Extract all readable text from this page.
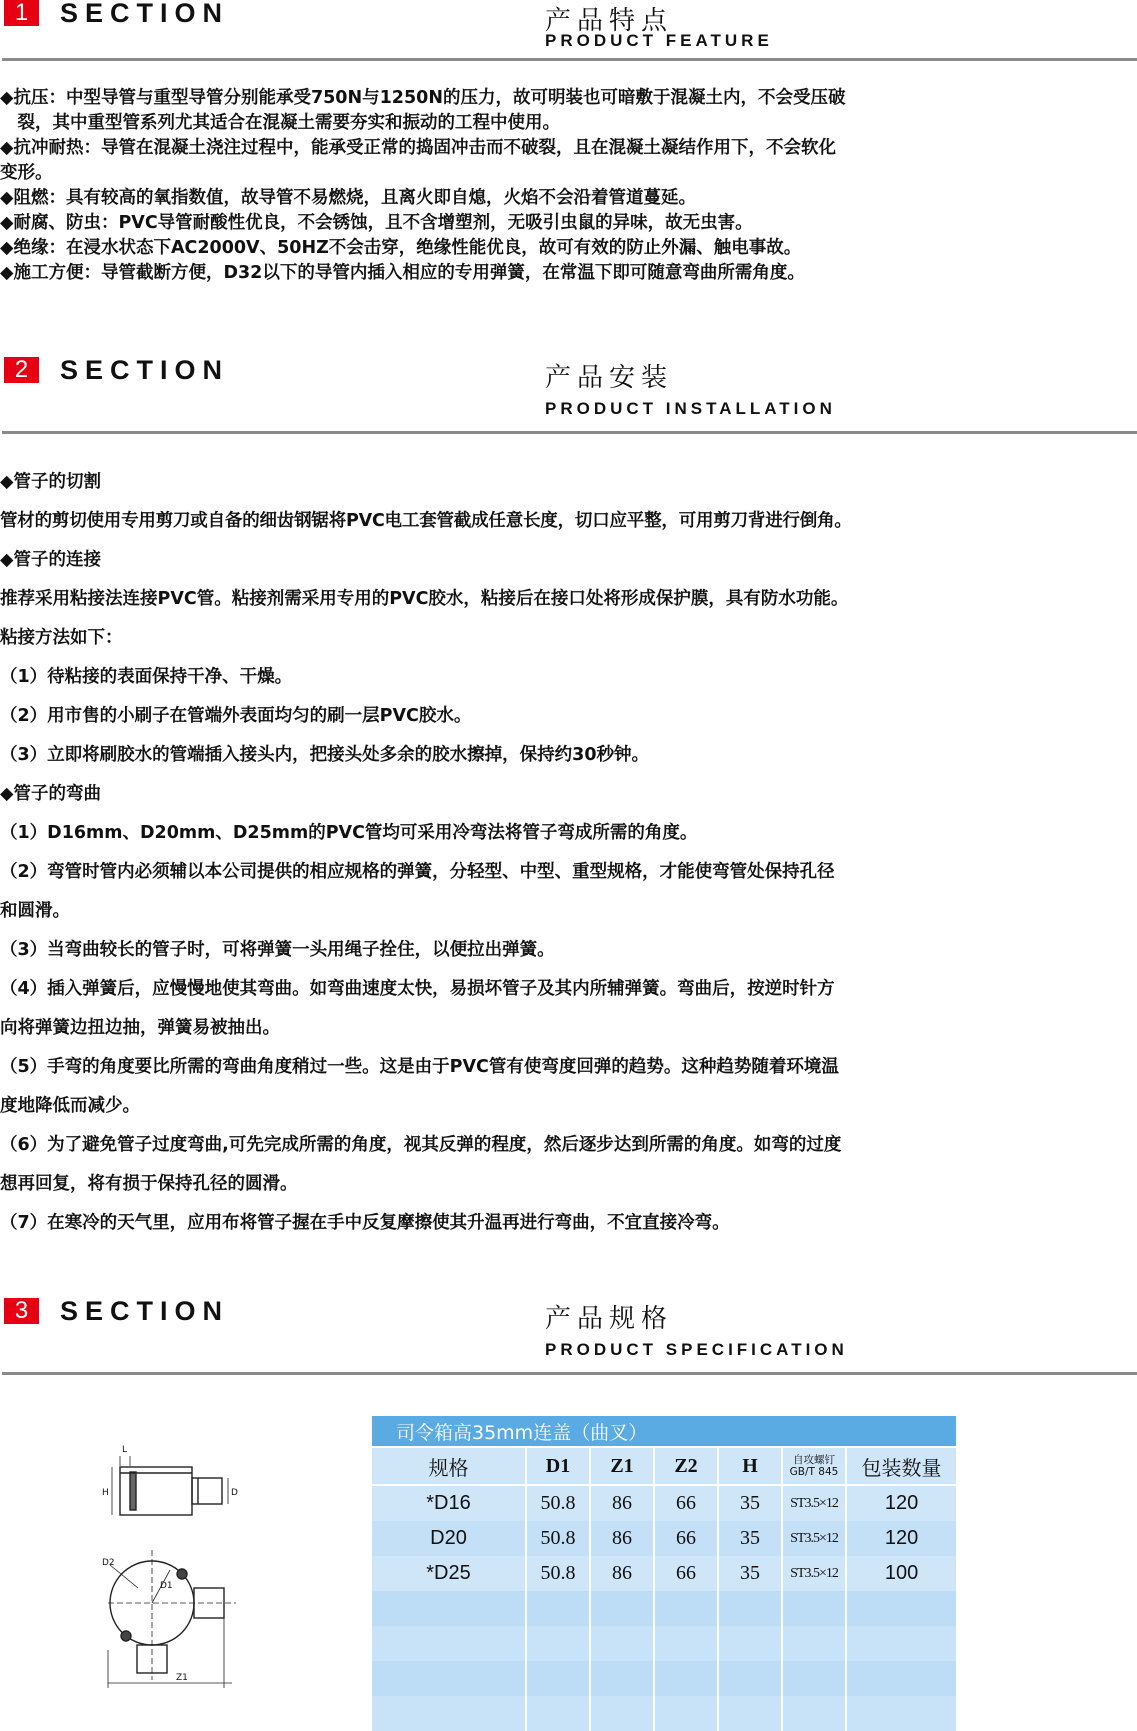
1	SECTION	产品特点
PRODUCT FEATURE

◆抗压：中型导管与重型导管分别能承受750N与1250N的压力，故可明装也可暗敷于混凝土内，不会受压破

　裂，其中重型管系列尤其适合在混凝土需要夯实和振动的工程中使用。

◆抗冲耐热：导管在混凝土浇注过程中，能承受正常的捣固冲击而不破裂，且在混凝土凝结作用下，不会软化

变形。

◆阻燃：具有较高的氧指数值，故导管不易燃烧，且离火即自熄，火焰不会沿着管道蔓延。

◆耐腐、防虫：PVC导管耐酸性优良，不会锈蚀，且不含增塑剂，无吸引虫鼠的异味，故无虫害。

◆绝缘：在浸水状态下AC2000V、50HZ不会击穿，绝缘性能优良，故可有效的防止外漏、触电事故。

◆施工方便：导管截断方便，D32以下的导管内插入相应的专用弹簧，在常温下即可随意弯曲所需角度。

2	SECTION	产品安装
PRODUCT INSTALLATION

◆管子的切割

管材的剪切使用专用剪刀或自备的细齿钢锯将PVC电工套管截成任意长度，切口应平整，可用剪刀背进行倒角。

◆管子的连接

推荐采用粘接法连接PVC管。粘接剂需采用专用的PVC胶水，粘接后在接口处将形成保护膜，具有防水功能。

粘接方法如下：

（1）待粘接的表面保持干净、干燥。

（2）用市售的小刷子在管端外表面均匀的刷一层PVC胶水。

（3）立即将刷胶水的管端插入接头内，把接头处多余的胶水擦掉，保持约30秒钟。

◆管子的弯曲

（1）D16mm、D20mm、D25mm的PVC管均可采用冷弯法将管子弯成所需的角度。

（2）弯管时管内必须辅以本公司提供的相应规格的弹簧，分轻型、中型、重型规格，才能使弯管处保持孔径

和圆滑。

（3）当弯曲较长的管子时，可将弹簧一头用绳子拴住，以便拉出弹簧。

（4）插入弹簧后，应慢慢地使其弯曲。如弯曲速度太快，易损坏管子及其内所辅弹簧。弯曲后，按逆时针方

向将弹簧边扭边抽，弹簧易被抽出。

（5）手弯的角度要比所需的弯曲角度稍过一些。这是由于PVC管有使弯度回弹的趋势。这种趋势随着环境温

度地降低而减少。

（6）为了避免管子过度弯曲,可先完成所需的角度，视其反弹的程度，然后逐步达到所需的角度。如弯的过度

想再回复，将有损于保持孔径的圆滑。

（7）在寒冷的天气里，应用布将管子握在手中反复摩擦使其升温再进行弯曲，不宜直接冷弯。

3	SECTION	产品规格
PRODUCT SPECIFICATION
L
H	D
D1
D2
Z1
司令箱高35mm连盖（曲叉）						
规格	D1	Z1	Z2	H	自攻螺钉
GB/T 845	包装数量
*D16	50.8	86	66	35	ST3.5×12	120
D20	50.8	86	66	35	ST3.5×12	120
*D25	50.8	86	66	35	ST3.5×12	100
